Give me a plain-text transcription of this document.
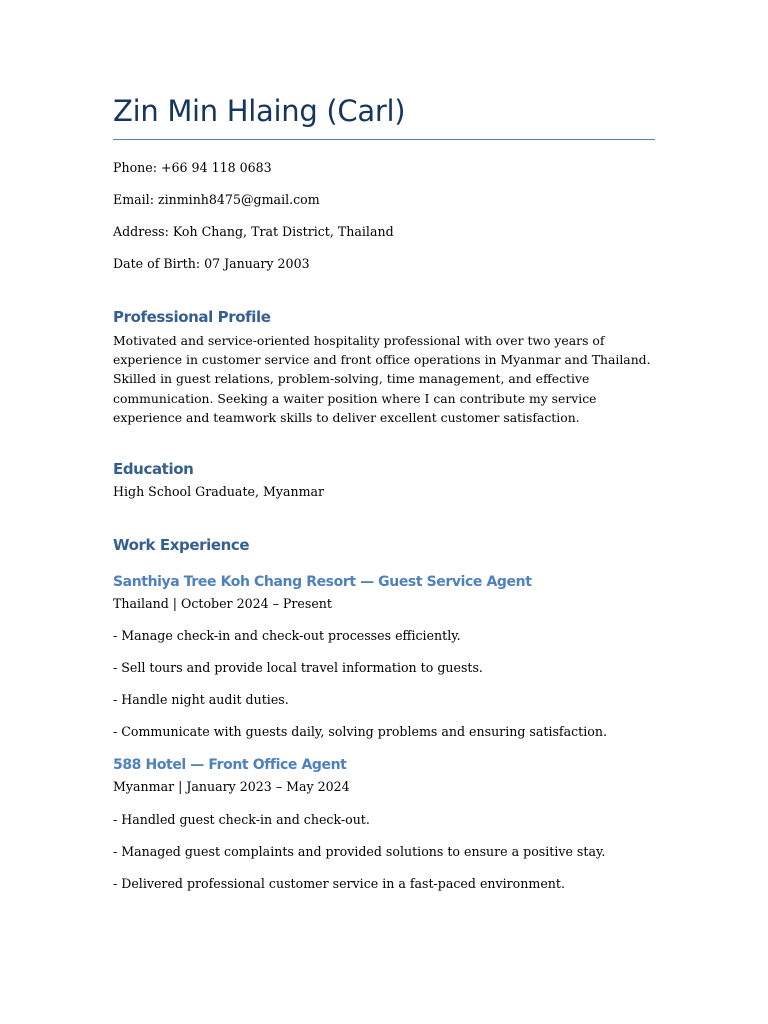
Zin Min Hlaing (Carl)

Phone: +66 94 118 0683

Email: zinminh8475@gmail.com

Address: Koh Chang, Trat District, Thailand

Date of Birth: 07 January 2003

Professional Profile

Motivated and service-oriented hospitality professional with over two years of experience in customer service and front office operations in Myanmar and Thailand. Skilled in guest relations, problem-solving, time management, and effective communication. Seeking a waiter position where I can contribute my service experience and teamwork skills to deliver excellent customer satisfaction.

Education

High School Graduate, Myanmar

Work Experience
Santhiya Tree Koh Chang Resort — Guest Service Agent

Thailand | October 2024 – Present

- Manage check-in and check-out processes efficiently.

- Sell tours and provide local travel information to guests.

- Handle night audit duties.

- Communicate with guests daily, solving problems and ensuring satisfaction.

588 Hotel — Front Office Agent

Myanmar | January 2023 – May 2024

- Handled guest check-in and check-out.

- Managed guest complaints and provided solutions to ensure a positive stay.

- Delivered professional customer service in a fast-paced environment.
